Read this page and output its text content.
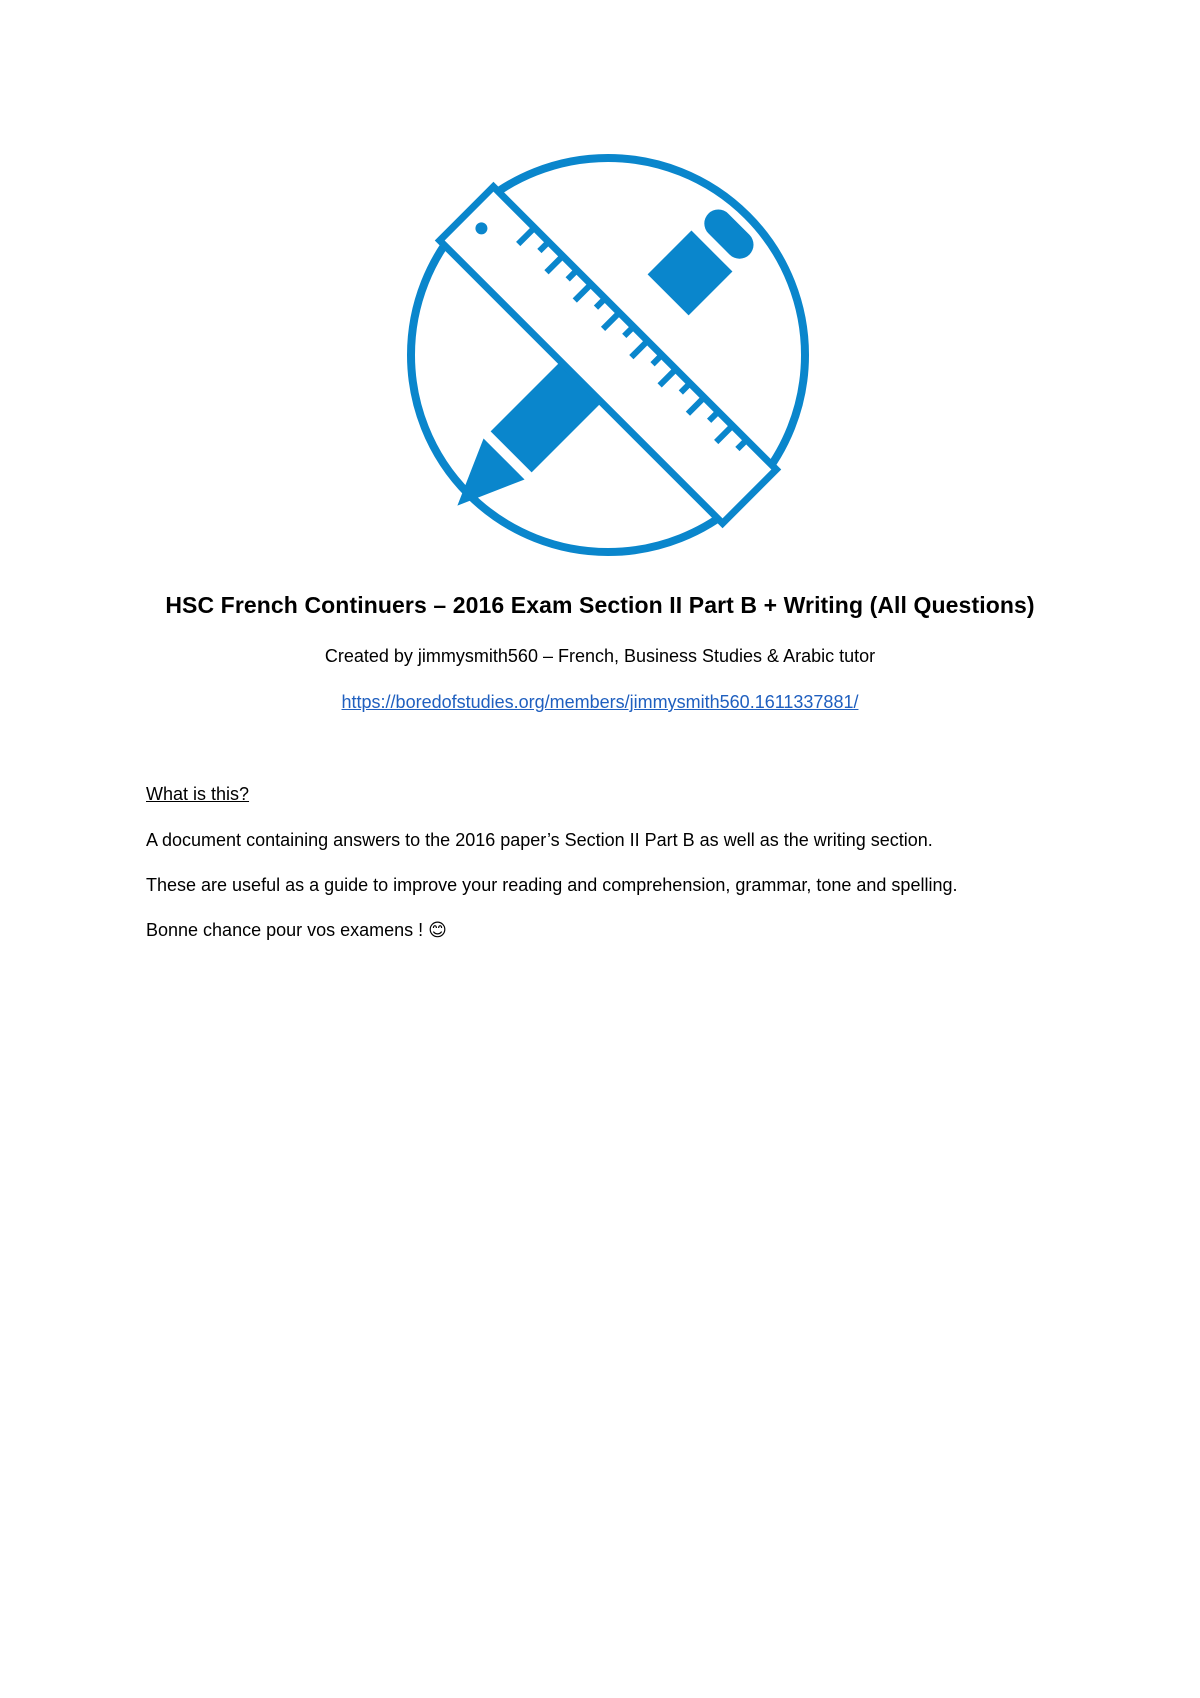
HSC French Continuers – 2016 Exam Section II Part B + Writing (All Questions)
Created by jimmysmith560 – French, Business Studies & Arabic tutor
https://boredofstudies.org/members/jimmysmith560.1611337881/
What is this?
A document containing answers to the 2016 paper’s Section II Part B as well as the writing section.
These are useful as a guide to improve your reading and comprehension, grammar, tone and spelling.
Bonne chance pour vos examens ! 😊
